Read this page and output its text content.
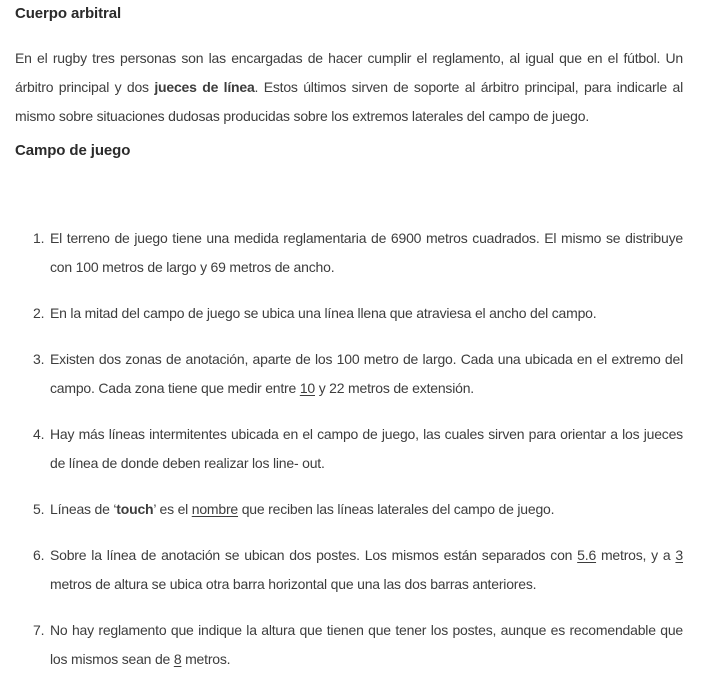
Cuerpo arbitral

En el rugby tres personas son las encargadas de hacer cumplir el reglamento, al igual que en el fútbol. Un árbitro principal y dos jueces de línea. Estos últimos sirven de soporte al árbitro principal, para indicarle al mismo sobre situaciones dudosas producidas sobre los extremos laterales del campo de juego.

Campo de juego
1. El terreno de juego tiene una medida reglamentaria de 6900 metros cuadrados. El mismo se distribuye con 100 metros de largo y 69 metros de ancho.
2. En la mitad del campo de juego se ubica una línea llena que atraviesa el ancho del campo.
3. Existen dos zonas de anotación, aparte de los 100 metro de largo. Cada una ubicada en el extremo del campo. Cada zona tiene que medir entre 10 y 22 metros de extensión.
4. Hay más líneas intermitentes ubicada en el campo de juego, las cuales sirven para orientar a los jueces de línea de donde deben realizar los line- out.
5. Líneas de ‘touch’ es el nombre que reciben las líneas laterales del campo de juego.
6. Sobre la línea de anotación se ubican dos postes. Los mismos están separados con 5.6 metros, y a 3 metros de altura se ubica otra barra horizontal que una las dos barras anteriores.
7. No hay reglamento que indique la altura que tienen que tener los postes, aunque es recomendable que los mismos sean de 8 metros.
